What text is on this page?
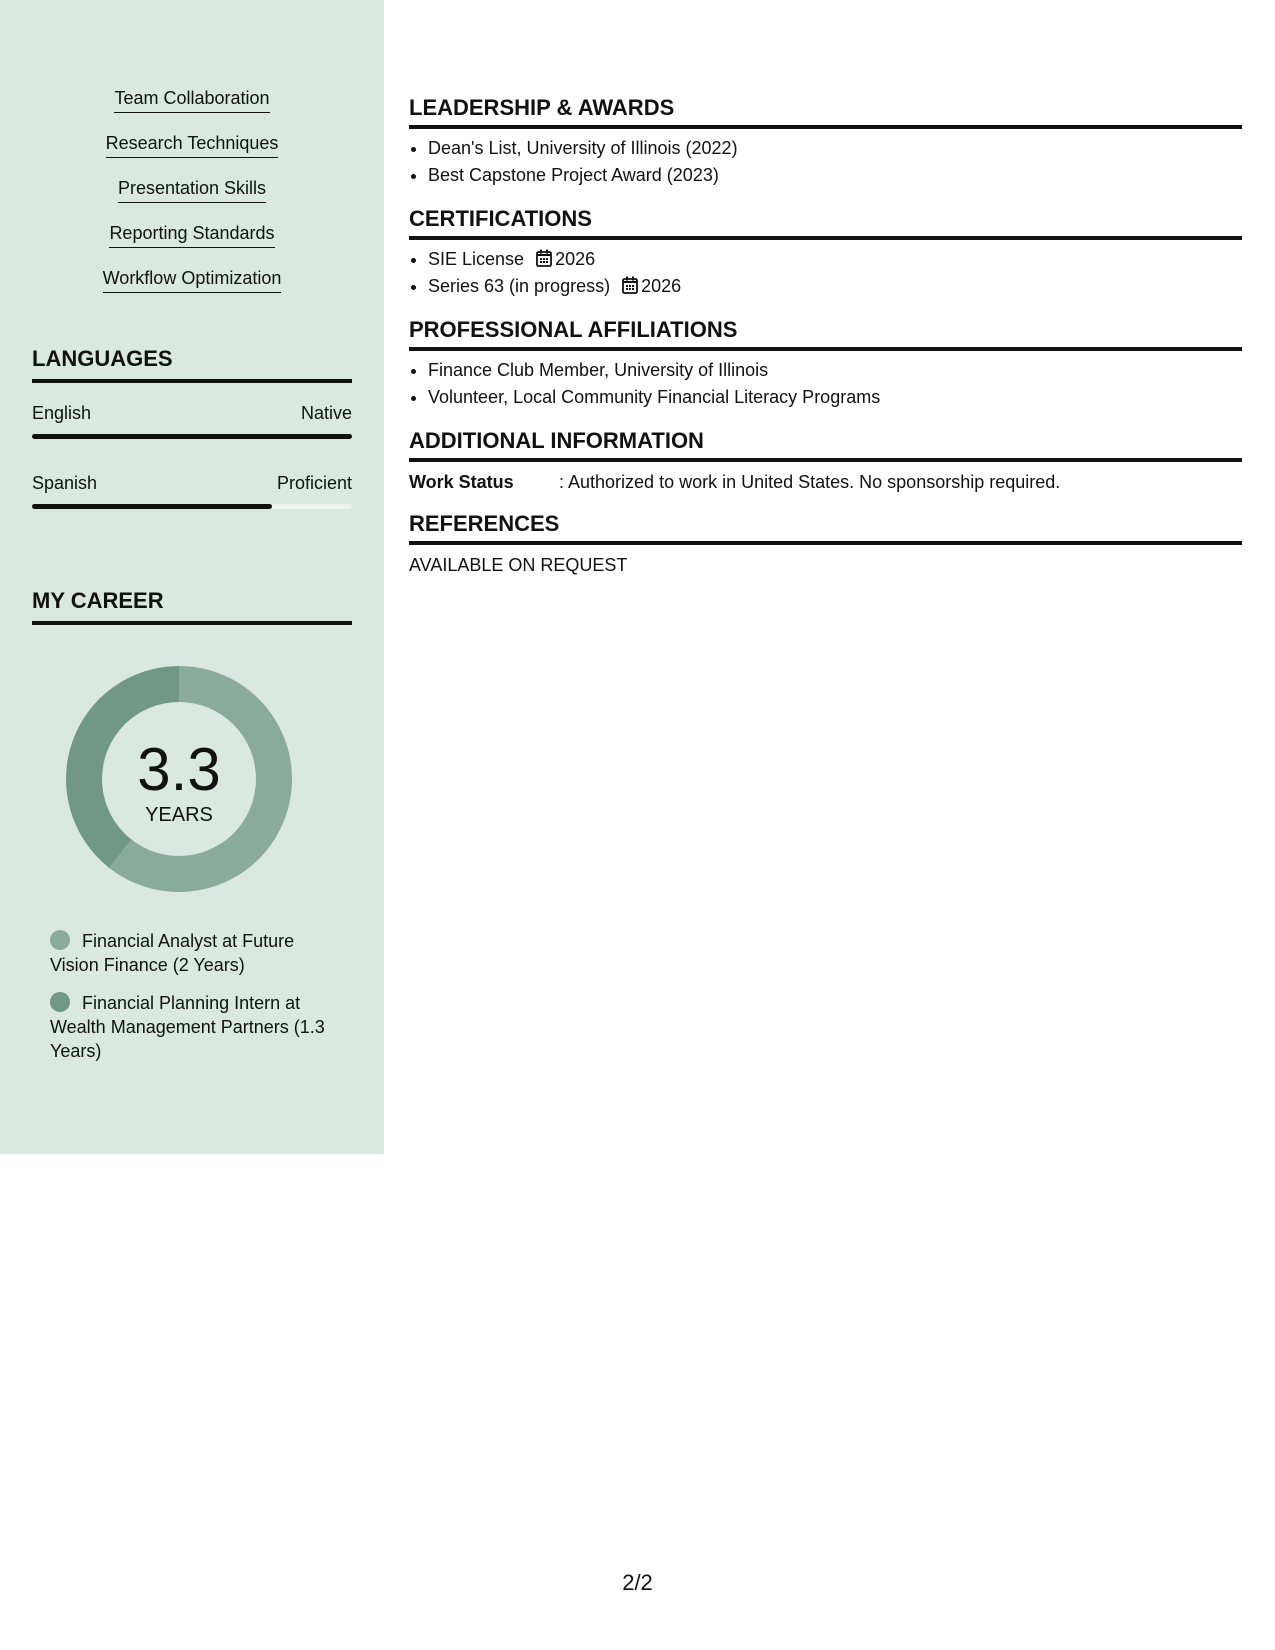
Team Collaboration
Research Techniques
Presentation Skills
Reporting Standards
Workflow Optimization
LANGUAGES
English	Native
Spanish	Proficient
MY CAREER
3.3
YEARS
Financial Analyst at Future Vision Finance (2 Years)
Financial Planning Intern at Wealth Management Partners (1.3 Years)
LEADERSHIP & AWARDS
• Dean's List, University of Illinois (2022)
• Best Capstone Project Award (2023)
CERTIFICATIONS
• SIE License 2026
• Series 63 (in progress) 2026
PROFESSIONAL AFFILIATIONS
• Finance Club Member, University of Illinois
• Volunteer, Local Community Financial Literacy Programs
ADDITIONAL INFORMATION
Work Status	: Authorized to work in United States. No sponsorship required.
REFERENCES
AVAILABLE ON REQUEST
2/2
